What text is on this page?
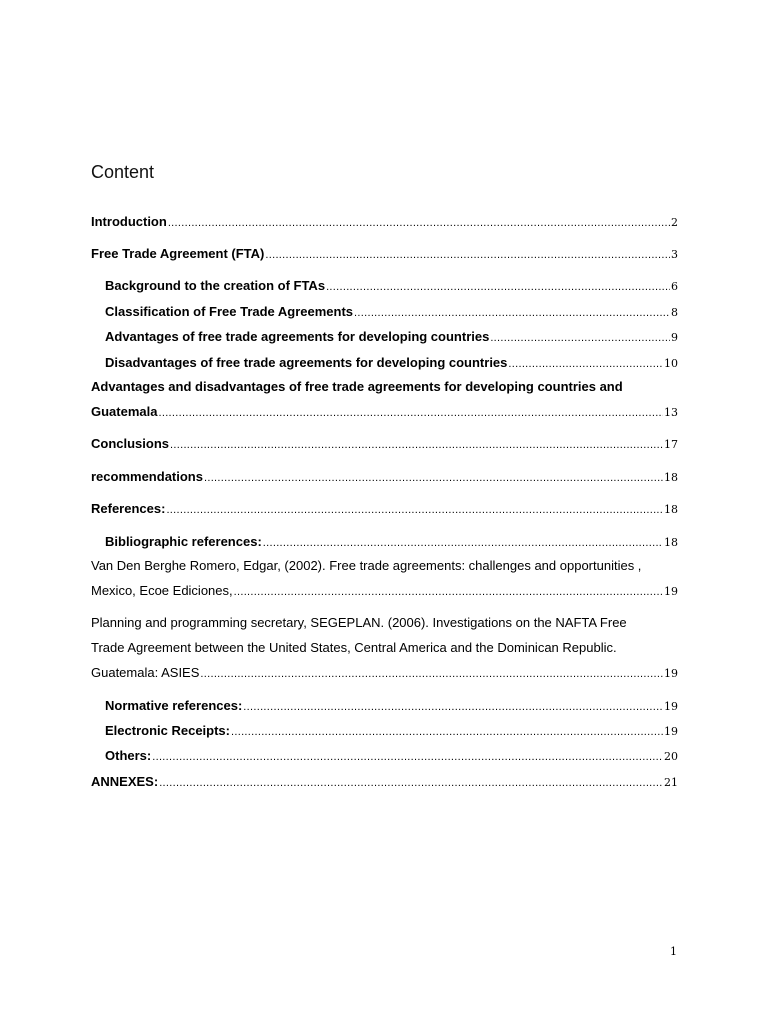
Content
Introduction .....	2
Free Trade Agreement (FTA) .....	3
Background to the creation of FTAs .....	6
Classification of Free Trade Agreements .....	8
Advantages of free trade agreements for developing countries .....	9
Disadvantages of free trade agreements for developing countries .....	10
Advantages and disadvantages of free trade agreements for developing countries and
Guatemala .....	13
Conclusions .....	17
recommendations .....	18
References: .....	18
Bibliographic references: .....	18
Van Den Berghe Romero, Edgar, (2002). Free trade agreements: challenges and opportunities ,
Mexico, Ecoe Ediciones, .....	19
Planning and programming secretary, SEGEPLAN. (2006). Investigations on the NAFTA Free
Trade Agreement between the United States, Central America and the Dominican Republic.
Guatemala: ASIES .....	19
Normative references: .....	19
Electronic Receipts: .....	19
Others: .....	20
ANNEXES: .....	21
1
